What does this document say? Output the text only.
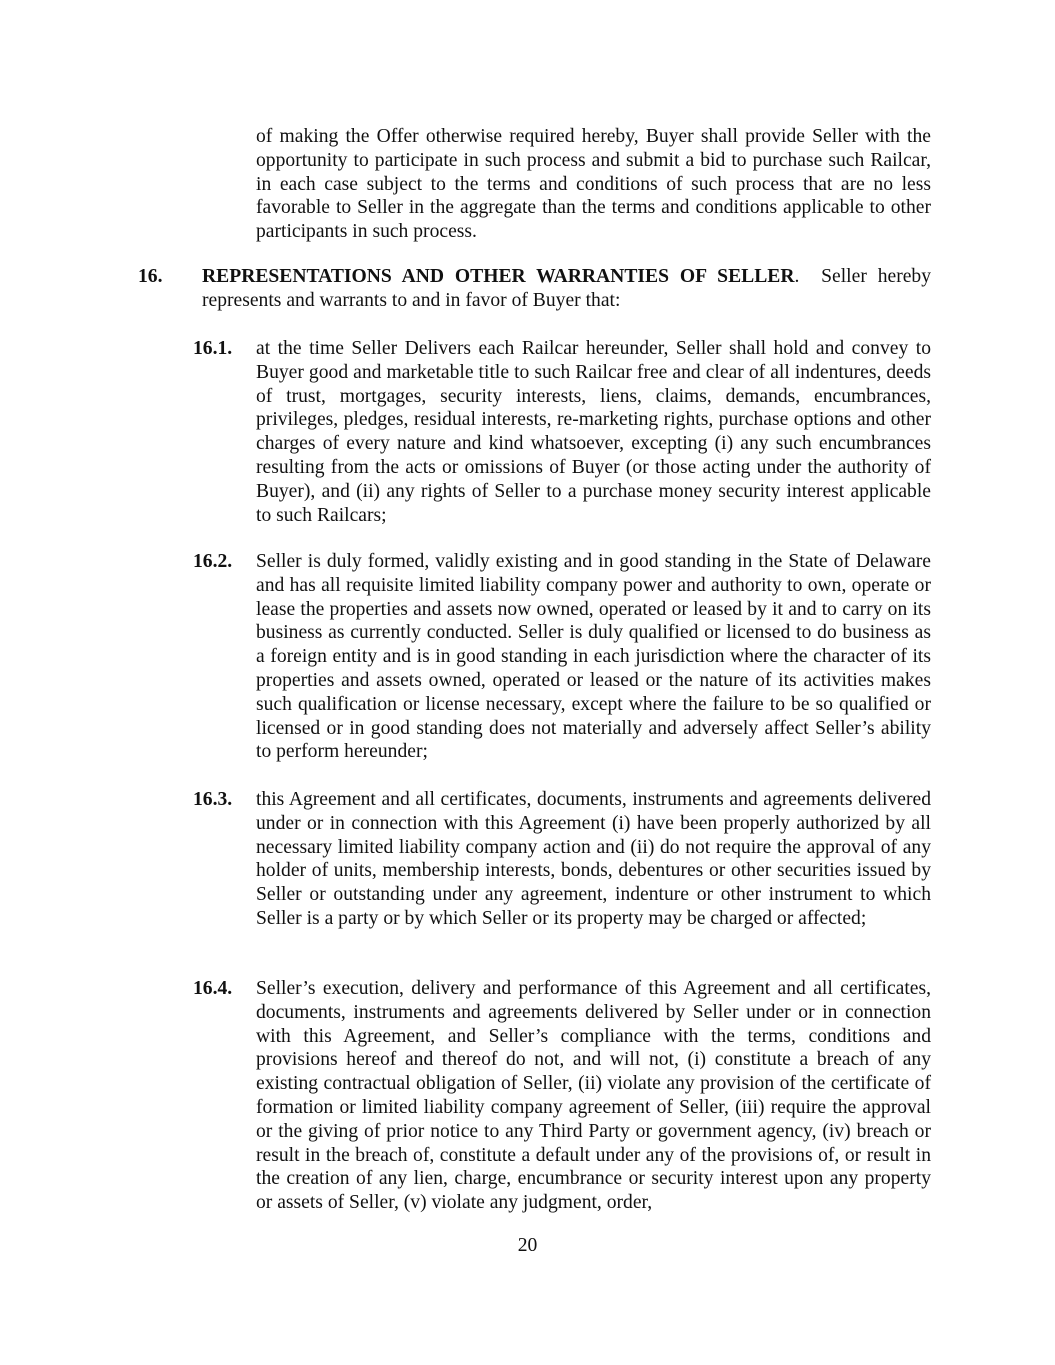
of making the Offer otherwise required hereby, Buyer shall provide Seller with the opportunity to participate in such process and submit a bid to purchase such Railcar, in each case subject to the terms and conditions of such process that are no less favorable to Seller in the aggregate than the terms and conditions applicable to other participants in such process.

16. REPRESENTATIONS AND OTHER WARRANTIES OF SELLER. Seller hereby represents and warrants to and in favor of Buyer that:

16.1. at the time Seller Delivers each Railcar hereunder, Seller shall hold and convey to Buyer good and marketable title to such Railcar free and clear of all indentures, deeds of trust, mortgages, security interests, liens, claims, demands, encumbrances, privileges, pledges, residual interests, re-marketing rights, purchase options and other charges of every nature and kind whatsoever, excepting (i) any such encumbrances resulting from the acts or omissions of Buyer (or those acting under the authority of Buyer), and (ii) any rights of Seller to a purchase money security interest applicable to such Railcars;

16.2. Seller is duly formed, validly existing and in good standing in the State of Delaware and has all requisite limited liability company power and authority to own, operate or lease the properties and assets now owned, operated or leased by it and to carry on its business as currently conducted. Seller is duly qualified or licensed to do business as a foreign entity and is in good standing in each jurisdiction where the character of its properties and assets owned, operated or leased or the nature of its activities makes such qualification or license necessary, except where the failure to be so qualified or licensed or in good standing does not materially and adversely affect Seller’s ability to perform hereunder;

16.3. this Agreement and all certificates, documents, instruments and agreements delivered under or in connection with this Agreement (i) have been properly authorized by all necessary limited liability company action and (ii) do not require the approval of any holder of units, membership interests, bonds, debentures or other securities issued by Seller or outstanding under any agreement, indenture or other instrument to which Seller is a party or by which Seller or its property may be charged or affected;

16.4. Seller’s execution, delivery and performance of this Agreement and all certificates, documents, instruments and agreements delivered by Seller under or in connection with this Agreement, and Seller’s compliance with the terms, conditions and provisions hereof and thereof do not, and will not, (i) constitute a breach of any existing contractual obligation of Seller, (ii) violate any provision of the certificate of formation or limited liability company agreement of Seller, (iii) require the approval or the giving of prior notice to any Third Party or government agency, (iv) breach or result in the breach of, constitute a default under any of the provisions of, or result in the creation of any lien, charge, encumbrance or security interest upon any property or assets of Seller, (v) violate any judgment, order,

20
